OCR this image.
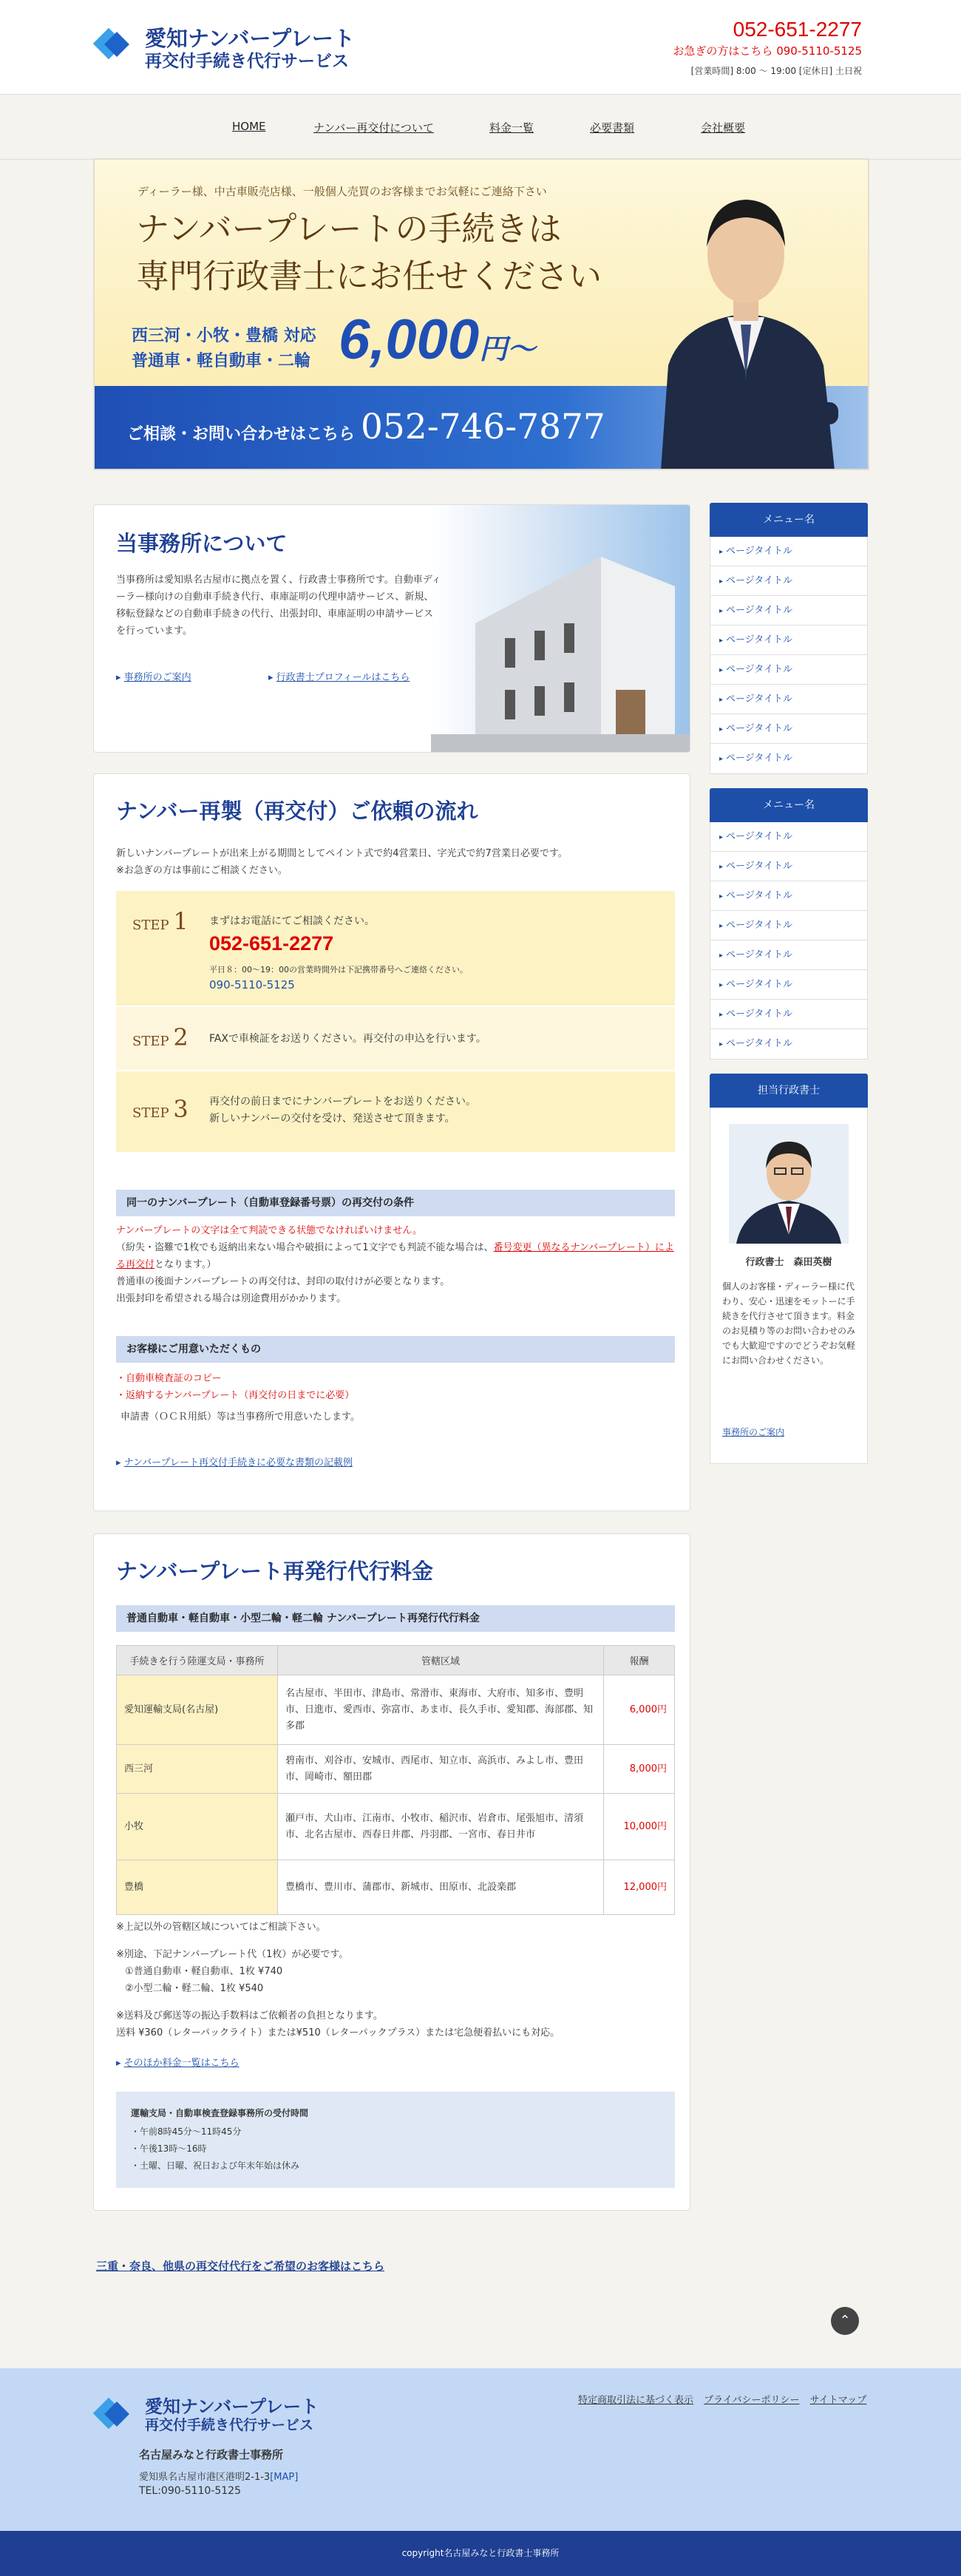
愛知ナンバープレート
再交付手続き代行サービス
052-651-2277
お急ぎの方はこちら 090-5110-5125
[営業時間] 8:00 〜 19:00 [定休日] 土日祝
HOME	ナンバー再交付について	料金一覧	必要書類	会社概要
ディーラー様、中古車販売店様、一般個人売買のお客様までお気軽にご連絡下さい
ナンバープレートの手続きは
専門行政書士にお任せください
西三河・小牧・豊橋 対応
普通車・軽自動車・二輪 6,000円〜
ご相談・お問い合わせはこちら 052-746-7877
当事務所について
当事務所は愛知県名古屋市に拠点を置く、行政書士事務所です。自動車ディーラー様向けの自動車手続き代行、車庫証明の代理申請サービス、新規、移転登録などの自動車手続きの代行、出張封印、車庫証明の申請サービスを行っています。
▸ 事務所のご案内	▸ 行政書士プロフィールはこちら
メニュー名
▸ ページタイトル
▸ ページタイトル
▸ ページタイトル
▸ ページタイトル
▸ ページタイトル
▸ ページタイトル
▸ ページタイトル
▸ ページタイトル
メニュー名
▸ ページタイトル
▸ ページタイトル
▸ ページタイトル
▸ ページタイトル
▸ ページタイトル
▸ ページタイトル
▸ ページタイトル
▸ ページタイトル
担当行政書士
行政書士　森田英樹
個人のお客様・ディーラー様に代わり、安心・迅速をモットーに手続きを代行させて頂きます。料金のお見積り等のお問い合わせのみでも大歓迎ですのでどうぞお気軽にお問い合わせください。
事務所のご案内
ナンバー再製（再交付）ご依頼の流れ
新しいナンバープレートが出来上がる期間としてペイント式で約4営業日、字光式で約7営業日必要です。
※お急ぎの方は事前にご相談ください。
STEP 1 まずはお電話にてご相談ください。
052-651-2277
平日８：00〜19：00の営業時間外は下記携帯番号へご連絡ください。
090-5110-5125
STEP 2 FAXで車検証をお送りください。再交付の申込を行います。
STEP 3 再交付の前日までにナンバープレートをお送りください。
新しいナンバーの交付を受け、発送させて頂きます。
同一のナンバープレート（自動車登録番号票）の再交付の条件
ナンバープレートの文字は全て判読できる状態でなければいけません。
（紛失・盗難で1枚でも返納出来ない場合や破損によって1文字でも判読不能な場合は、番号変更（異なるナンバープレート）による再交付となります。）
普通車の後面ナンバープレートの再交付は、封印の取付けが必要となります。
出張封印を希望される場合は別途費用がかかります。
お客様にご用意いただくもの
・自動車検査証のコピー
・返納するナンバープレート（再交付の日までに必要）
申請書（ＯＣＲ用紙）等は当事務所で用意いたします。
▸ ナンバープレート再交付手続きに必要な書類の記載例
ナンバープレート再発行代行料金
普通自動車・軽自動車・小型二輪・軽二輪 ナンバープレート再発行代行料金
手続きを行う陸運支局・事務所	管轄区域	報酬
愛知運輸支局(名古屋)	名古屋市、半田市、津島市、常滑市、東海市、大府市、知多市、豊明市、日進市、愛西市、弥富市、あま市、長久手市、愛知郡、海部郡、知多郡	6,000円
西三河	碧南市、刈谷市、安城市、西尾市、知立市、高浜市、みよし市、豊田市、岡崎市、額田郡	8,000円
小牧	瀬戸市、犬山市、江南市、小牧市、稲沢市、岩倉市、尾張旭市、清須市、北名古屋市、西春日井郡、丹羽郡、一宮市、春日井市	10,000円
豊橋	豊橋市、豊川市、蒲郡市、新城市、田原市、北設楽郡	12,000円
※上記以外の管轄区域についてはご相談下さい。
※別途、下記ナンバープレート代（1枚）が必要です。
①普通自動車・軽自動車、1枚 ¥740
②小型二輪・軽二輪、1枚 ¥540
※送料及び郵送等の振込手数料はご依頼者の負担となります。
送料 ¥360（レターパックライト）または¥510（レターパックプラス）または宅急便着払いにも対応。
▸ そのほか料金一覧はこちら
運輸支局・自動車検査登録事務所の受付時間
・午前8時45分〜11時45分
・午後13時〜16時
・土曜、日曜、祝日および年末年始は休み
三重・奈良、他県の再交付代行をご希望のお客様はこちら
⌃
愛知ナンバープレート
再交付手続き代行サービス
名古屋みなと行政書士事務所
愛知県名古屋市港区港明2-1-3[MAP]
TEL:090-5110-5125
特定商取引法に基づく表示 プライバシーポリシー サイトマップ
copyright名古屋みなと行政書士事務所
